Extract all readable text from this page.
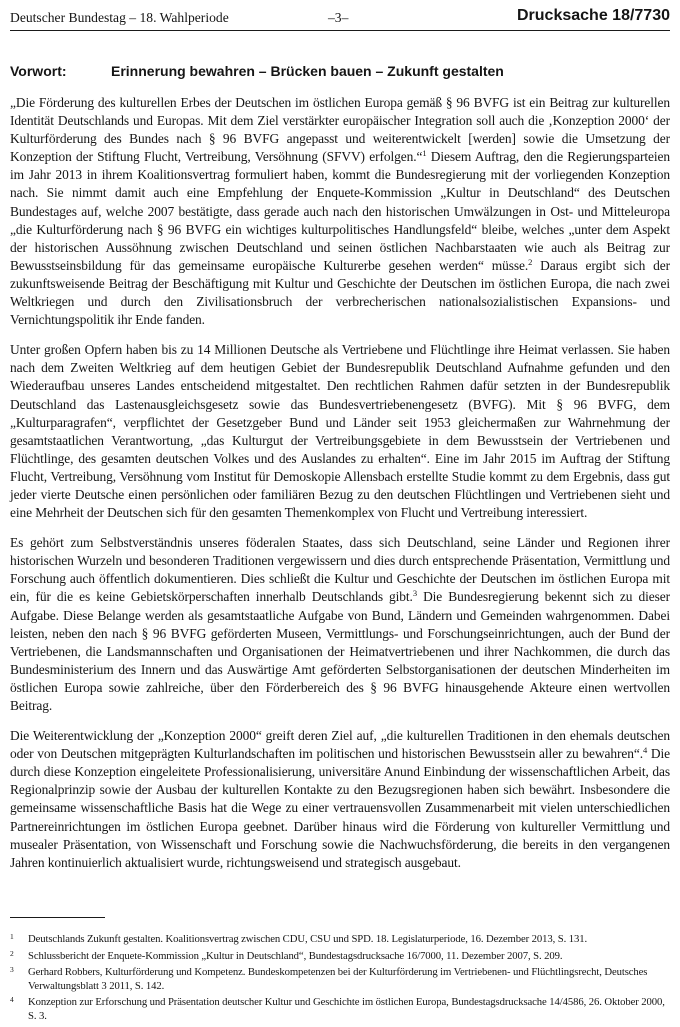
Deutscher Bundestag – 18. Wahlperiode	–3–	Drucksache 18/7730
Vorwort:	Erinnerung bewahren – Brücken bauen – Zukunft gestalten

„Die Förderung des kulturellen Erbes der Deutschen im östlichen Europa gemäß § 96 BVFG ist ein Beitrag zur kulturellen Identität Deutschlands und Europas. Mit dem Ziel verstärkter europäischer Integration soll auch die ‚Konzeption 2000‘ der Kulturförderung des Bundes nach § 96 BVFG angepasst und weiterentwickelt [werden] sowie die Umsetzung der Konzeption der Stiftung Flucht, Vertreibung, Versöhnung (SFVV) erfolgen.“$^1$ Diesem Auftrag, den die Regierungsparteien im Jahr 2013 in ihrem Koalitionsvertrag formuliert haben, kommt die Bundesregierung mit der vorliegenden Konzeption nach. Sie nimmt damit auch eine Empfehlung der Enquete-Kommission „Kultur in Deutschland“ des Deutschen Bundestages auf, welche 2007 bestätigte, dass gerade auch nach den historischen Umwälzungen in Ost- und Mitteleuropa „die Kulturförderung nach § 96 BVFG ein wichtiges kulturpolitisches Handlungsfeld“ bleibe, welches „unter dem Aspekt der historischen Aussöhnung zwischen Deutschland und seinen östlichen Nachbarstaaten wie auch als Beitrag zur Bewusstseinsbildung für das gemeinsame europäische Kulturerbe gesehen werden“ müsse.$^2$ Daraus ergibt sich der zukunftsweisende Beitrag der Beschäftigung mit Kultur und Geschichte der Deutschen im östlichen Europa, die nach zwei Weltkriegen und durch den Zivilisationsbruch der verbrecherischen nationalsozialistischen Expansions- und Vernichtungspolitik ihr Ende fanden.

Unter großen Opfern haben bis zu 14 Millionen Deutsche als Vertriebene und Flüchtlinge ihre Heimat verlassen. Sie haben nach dem Zweiten Weltkrieg auf dem heutigen Gebiet der Bundesrepublik Deutschland Aufnahme gefunden und den Wiederaufbau unseres Landes entscheidend mitgestaltet. Den rechtlichen Rahmen dafür setzten in der Bundesrepublik Deutschland das Lastenausgleichsgesetz sowie das Bundesvertriebenengesetz (BVFG). Mit § 96 BVFG, dem „Kulturparagrafen“, verpflichtet der Gesetzgeber Bund und Länder seit 1953 gleichermaßen zur Wahrnehmung der gesamtstaatlichen Verantwortung, „das Kulturgut der Vertreibungsgebiete in dem Bewusstsein der Vertriebenen und Flüchtlinge, des gesamten deutschen Volkes und des Auslandes zu erhalten“. Eine im Jahr 2015 im Auftrag der Stiftung Flucht, Vertreibung, Versöhnung vom Institut für Demoskopie Allensbach erstellte Studie kommt zu dem Ergebnis, dass gut jeder vierte Deutsche einen persönlichen oder familiären Bezug zu den deutschen Flüchtlingen und Vertriebenen sieht und eine Mehrheit der Deutschen sich für den gesamten Themenkomplex von Flucht und Vertreibung interessiert.

Es gehört zum Selbstverständnis unseres föderalen Staates, dass sich Deutschland, seine Länder und Regionen ihrer historischen Wurzeln und besonderen Traditionen vergewissern und dies durch entsprechende Präsentation, Vermittlung und Forschung auch öffentlich dokumentieren. Dies schließt die Kultur und Geschichte der Deutschen im östlichen Europa mit ein, für die es keine Gebietskörperschaften innerhalb Deutschlands gibt.$^3$ Die Bundesregierung bekennt sich zu dieser Aufgabe. Diese Belange werden als gesamtstaatliche Aufgabe von Bund, Ländern und Gemeinden wahrgenommen. Dabei leisten, neben den nach § 96 BVFG geförderten Museen, Vermittlungs- und Forschungseinrichtungen, auch der Bund der Vertriebenen, die Landsmannschaften und Organisationen der Heimatvertriebenen und ihrer Nachkommen, die durch das Bundesministerium des Innern und das Auswärtige Amt geförderten Selbstorganisationen der deutschen Minderheiten im östlichen Europa sowie zahlreiche, über den Förderbereich des § 96 BVFG hinausgehende Akteure einen wertvollen Beitrag.

Die Weiterentwicklung der „Konzeption 2000“ greift deren Ziel auf, „die kulturellen Traditionen in den ehemals deutschen oder von Deutschen mitgeprägten Kulturlandschaften im politischen und historischen Bewusstsein aller zu bewahren“.$^4$ Die durch diese Konzeption eingeleitete Professionalisierung, universitäre Anund Einbindung der wissenschaftlichen Arbeit, das Regionalprinzip sowie der Ausbau der kulturellen Kontakte zu den Bezugsregionen haben sich bewährt. Insbesondere die gemeinsame wissenschaftliche Basis hat die Wege zu einer vertrauensvollen Zusammenarbeit mit vielen unterschiedlichen Partnereinrichtungen im östlichen Europa geebnet. Darüber hinaus wird die Förderung von kultureller Vermittlung und musealer Präsentation, von Wissenschaft und Forschung sowie die Nachwuchsförderung, die bereits in den vergangenen Jahren kontinuierlich aktualisiert wurde, richtungsweisend und strategisch ausgebaut.

1 Deutschlands Zukunft gestalten. Koalitionsvertrag zwischen CDU, CSU und SPD. 18. Legislaturperiode, 16. Dezember 2013, S. 131.
2 Schlussbericht der Enquete-Kommission „Kultur in Deutschland“, Bundestagsdrucksache 16/7000, 11. Dezember 2007, S. 209.
3 Gerhard Robbers, Kulturförderung und Kompetenz. Bundeskompetenzen bei der Kulturförderung im Vertriebenen- und Flüchtlingsrecht, Deutsches Verwaltungsblatt 3 2011, S. 142.
4 Konzeption zur Erforschung und Präsentation deutscher Kultur und Geschichte im östlichen Europa, Bundestagsdrucksache 14/4586, 26. Oktober 2000, S. 3.
